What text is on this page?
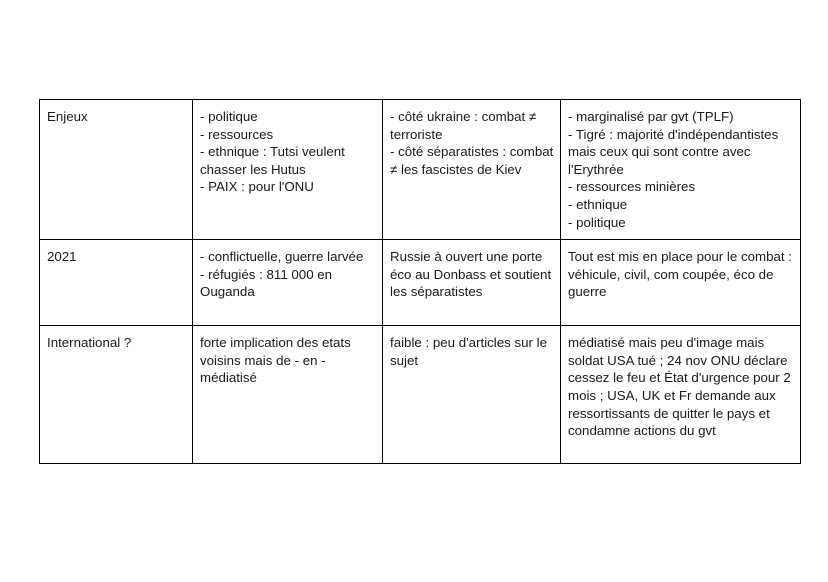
Enjeux	- politique
- ressources
- ethnique : Tutsi veulent chasser les Hutus
- PAIX : pour l'ONU	- côté ukraine : combat ≠ terroriste
- côté séparatistes : combat ≠ les fascistes de Kiev	- marginalisé par gvt (TPLF)
- Tigré : majorité d'indépendantistes mais ceux qui sont contre avec l'Erythrée
- ressources minières
- ethnique
- politique
2021	- conflictuelle, guerre larvée
- réfugiés : 811 000 en Ouganda	Russie à ouvert une porte éco au Donbass et soutient les séparatistes	Tout est mis en place pour le combat : véhicule, civil, com coupée, éco de guerre
International ?	forte implication des etats voisins mais de - en - médiatisé	faible : peu d'articles sur le sujet	médiatisé mais peu d'image mais soldat USA tué ; 24 nov ONU déclare cessez le feu et État d'urgence pour 2 mois ; USA, UK et Fr demande aux ressortissants de quitter le pays et condamne actions du gvt
